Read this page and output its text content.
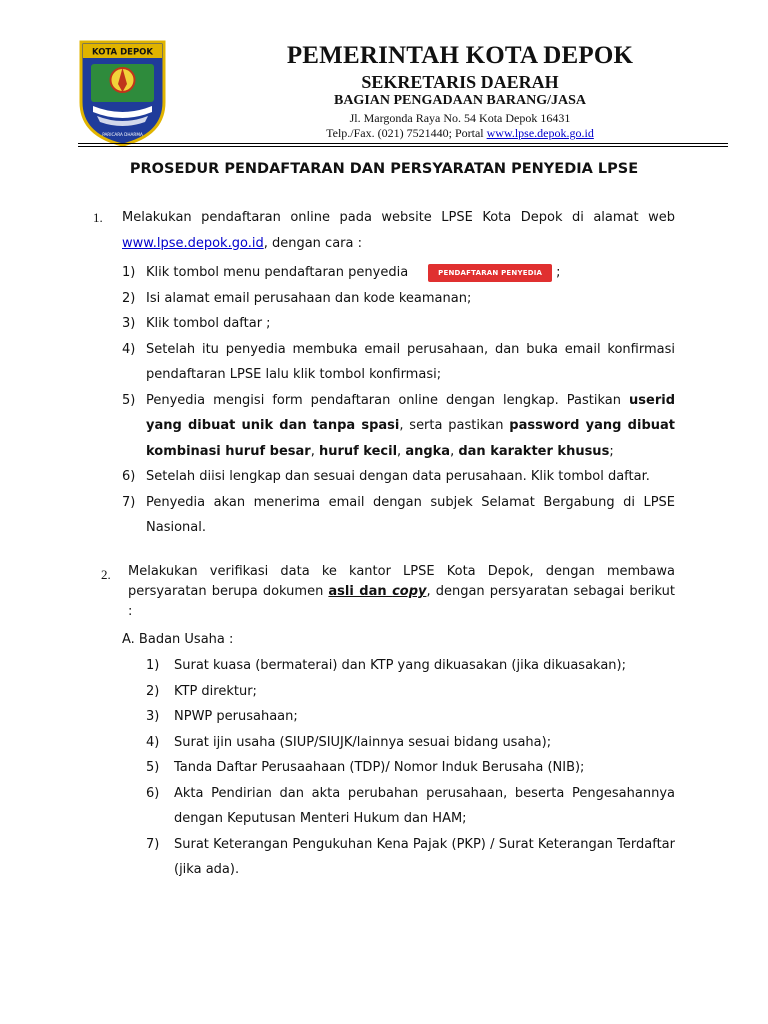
KOTA DEPOK
PARICARA DHARMA
PEMERINTAH KOTA DEPOK
SEKRETARIS DAERAH
BAGIAN PENGADAAN BARANG/JASA
Jl. Margonda Raya No. 54 Kota Depok 16431
Telp./Fax. (021) 7521440; Portal www.lpse.depok.go.id
PROSEDUR PENDAFTARAN DAN PERSYARATAN PENYEDIA LPSE
1. Melakukan pendaftaran online pada website LPSE Kota Depok di alamat web www.lpse.depok.go.id, dengan cara :
1) Klik tombol menu pendaftaran penyedia	PENDAFTARAN PENYEDIA ;
2) Isi alamat email perusahaan dan kode keamanan;
3) Klik tombol daftar ;
4) Setelah itu penyedia membuka email perusahaan, dan buka email konfirmasi pendaftaran LPSE lalu klik tombol konfirmasi;
5) Penyedia mengisi form pendaftaran online dengan lengkap. Pastikan userid yang dibuat unik dan tanpa spasi, serta pastikan password yang dibuat kombinasi huruf besar, huruf kecil, angka, dan karakter khusus;
6) Setelah diisi lengkap dan sesuai dengan data perusahaan. Klik tombol daftar.
7) Penyedia akan menerima email dengan subjek Selamat Bergabung di LPSE Nasional.
2. Melakukan verifikasi data ke kantor LPSE Kota Depok, dengan membawa persyaratan berupa dokumen asli dan copy, dengan persyaratan sebagai berikut :
A. Badan Usaha :
1)	Surat kuasa (bermaterai) dan KTP yang dikuasakan (jika dikuasakan);
2)	KTP direktur;
3)	NPWP perusahaan;
4)	Surat ijin usaha (SIUP/SIUJK/lainnya sesuai bidang usaha);
5)	Tanda Daftar Perusaahaan (TDP)/ Nomor Induk Berusaha (NIB);
6)	Akta Pendirian dan akta perubahan perusahaan, beserta Pengesahannya dengan Keputusan Menteri Hukum dan HAM;
7)	Surat Keterangan Pengukuhan Kena Pajak (PKP) / Surat Keterangan Terdaftar (jika ada).
